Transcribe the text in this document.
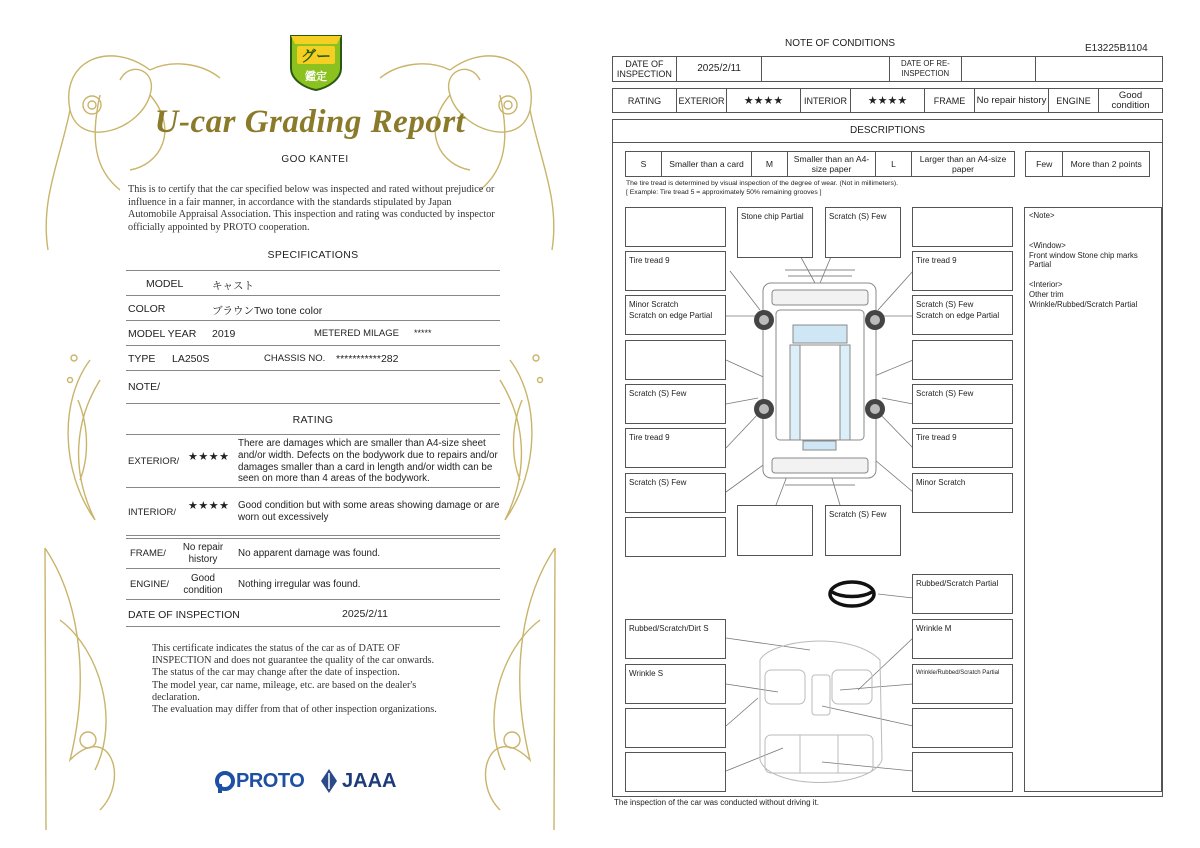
グー
鑑定
U-car Grading Report
GOO KANTEI
This is to certify that the car specified below was inspected and rated without prejudice or influence in a fair manner, in accordance with the standards stipulated by Japan Automobile Appraisal Association. This inspection and rating was conducted by inspector officially appointed by PROTO cooperation.
SPECIFICATIONS
MODEL	キャスト
COLOR	ブラウンTwo tone color
MODEL YEAR 2019	METERED MILAGE *****
TYPE LA250S	CHASSIS NO. ***********282
NOTE/
RATING
EXTERIOR/ ★★★★
There are damages which are smaller than A4-size sheet and/or width. Defects on the bodywork due to repairs and/or damages smaller than a card in length and/or width can be seen on more than 4 areas of the bodywork.
INTERIOR/
★★★★ Good condition but with some areas showing damage or are worn out excessively
FRAME/
No repair history	No apparent damage was found.
ENGINE/
Good condition	Nothing irregular was found.
DATE OF INSPECTION	2025/2/11
This certificate indicates the status of the car as of DATE OF
INSPECTION and does not guarantee the quality of the car onwards.
The status of the car may change after the date of inspection.
The model year, car name, mileage, etc. are based on the dealer's
declaration.
The evaluation may differ from that of other inspection organizations.
PROTO JAAA
NOTE OF CONDITIONS	E13225B1104
DATE OF INSPECTION	2025/2/11	DATE OF RE-INSPECTION
RATING	EXTERIOR	★★★★	INTERIOR	★★★★	FRAME	No repair history	ENGINE	Good condition
DESCRIPTIONS
S	Smaller than a card	M	Smaller than an A4-size paper	L	Larger than an A4-size paper	Few	More than 2 points
The tire tread is determined by visual inspection of the degree of wear. (Not in millimeters).
[ Example: Tire tread 5 = approximately 50% remaining grooves ]
Stone chip Partial	Scratch (S) Few
Tire tread 9	Tire tread 9
Minor Scratch
Scratch on edge Partial
Scratch (S) Few
Scratch on edge Partial
Scratch (S) Few	Scratch (S) Few
Tire tread 9	Tire tread 9
Scratch (S) Few	Minor Scratch
Scratch (S) Few
Rubbed/Scratch Partial
Rubbed/Scratch/Dirt S	Wrinkle M
Wrinkle S	Wrinkle/Rubbed/Scratch Partial
<Note>
<Window>
Front window Stone chip marks Partial
<Interior>
Other trim
Wrinkle/Rubbed/Scratch Partial
The inspection of the car was conducted without driving it.
